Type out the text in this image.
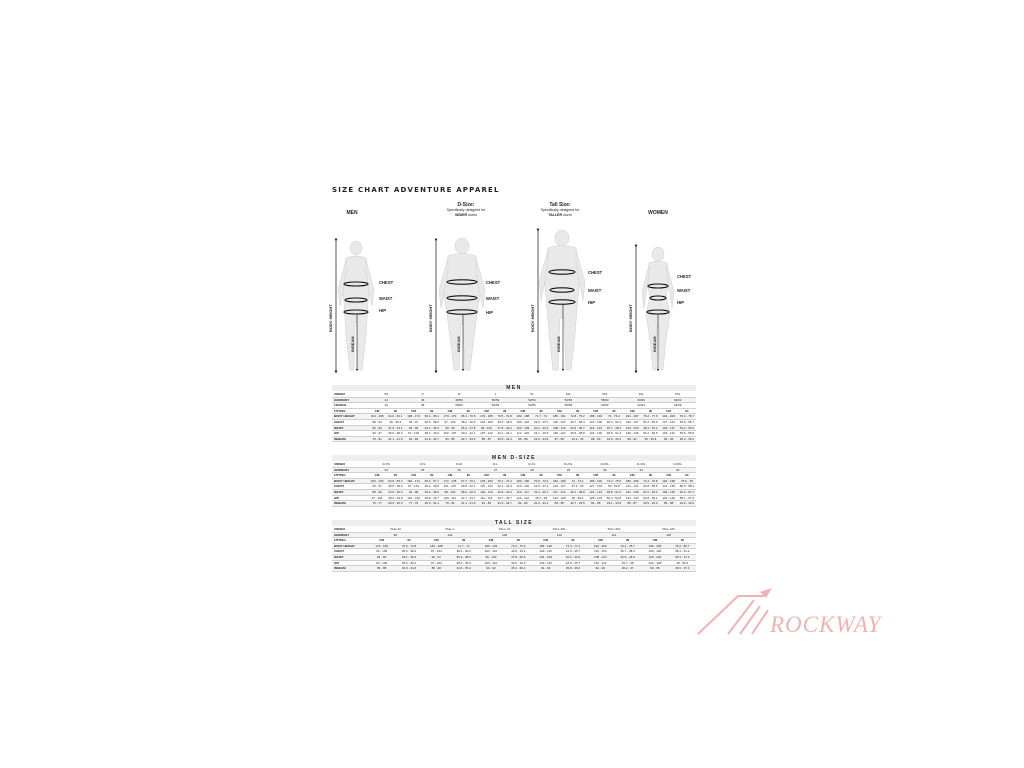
SIZE CHART ADVENTURE APPAREL
MEN
D-Size:
Specifically designed for
WIDER users
Tall Size:
Specifically designed for
TALLER users	WOMEN
CHEST
WAIST
HIP
BODY HEIGHT
INSEAM
CHEST
WAIST
HIP
BODY HEIGHT
INSEAM
CHEST
WAIST
HIP
BODY HEIGHT
INSEAM
CHEST
WAIST
HIP
BODY HEIGHT
INSEAM
MEN
UNISEX	XS		S		M		L		XL		2XL		3XL		4XL		5XL	
GERMANY	44		46		48/50		50/52		52/54		54/56		58/60		60/62		62/64	
FRANCE	46		48		50/52		52/54		54/56		56/58		60/62		62/64		64/66	
FITTING	CM	IN	CM	IN	CM	IN	CM	IN	CM	IN	CM	IN	CM	IN	CM	IN	CM	IN
BODY HEIGHT	164 - 168	64.6 - 66.1	168 - 173	66.1 - 68.1	173 - 179	68.1 - 70.5	179 - 185	70.5 - 72.8	182 - 188	71.7 - 74	185 - 191	72.8 - 75.2	188 - 194	74 - 76.4	191 - 197	75.2 - 77.6	194 - 200	76.4 - 78.7
CHEST	89 - 93	35 - 36.6	93 - 97	36.6 - 38.2	97 - 103	38.2 - 40.6	103 - 109	40.6 - 42.9	109 - 116	42.9 - 45.7	116 - 123	45.7 - 48.4	123 - 130	48.4 - 51.2	130 - 137	51.2 - 53.9	137 - 144	53.9 - 56.7
WAIST	80 - 84	31.5 - 33.1	84 - 90	33.1 - 35.4	90 - 96	35.4 - 37.8	96 - 102	37.8 - 40.2	102 - 109	40.2 - 42.9	109 - 116	42.9 - 45.7	116 - 123	45.7 - 48.4	123 - 130	48.4 - 51.2	130 - 137	51.2 - 53.9
HIP	93 - 97	36.6 - 38.2	97 - 102	38.2 - 40.2	102 - 107	40.2 - 42.1	107 - 112	42.1 - 44.1	112 - 118	44.1 - 46.5	118 - 124	46.5 - 48.8	124 - 130	48.8 - 51.2	130 - 136	51.2 - 53.5	136 - 142	53.5 - 55.9
INSEAM	79 - 81	31.1 - 31.9	81 - 83	31.9 - 32.7	83 - 85	32.7 - 33.5	85 - 87	33.5 - 34.3	86 - 88	33.9 - 34.6	87 - 89	34.3 - 35	88 - 90	34.6 - 35.4	89 - 91	35 - 35.8	90 - 92	35.4 - 36.2
MEN D-SIZE
UNISEX	D-XS		D-S		D-M		D-L		D-XL		D-2XL		D-3XL		D-4XL		D-5XL	
GERMANY	24		25		26		27		28		29		30		31		32	
FITTING	CM	IN	CM	IN	CM	IN	CM	IN	CM	IN	CM	IN	CM	IN	CM	IN	CM	IN
BODY HEIGHT	162 - 166	63.8 - 65.4	166 - 172	65.4 - 67.7	172 - 178	67.7 - 70.1	178 - 184	70.1 - 72.4	180 - 186	70.9 - 73.2	183 - 189	72 - 74.4	186 - 192	73.2 - 75.6	189 - 195	74.4 - 76.8	192 - 198	75.6 - 78
CHEST	93 - 97	36.6 - 38.2	97 - 101	38.2 - 39.8	101 - 107	39.8 - 42.1	107 - 113	42.1 - 44.5	113 - 120	44.5 - 47.2	120 - 127	47.2 - 50	127 - 134	50 - 52.8	134 - 141	52.8 - 55.5	141 - 148	55.5 - 58.3
WAIST	88 - 92	34.6 - 36.2	92 - 98	36.2 - 38.6	98 - 104	38.6 - 40.9	104 - 110	40.9 - 43.3	110 - 117	43.3 - 46.1	117 - 124	46.1 - 48.8	124 - 131	48.8 - 51.6	131 - 138	51.6 - 54.3	138 - 145	54.3 - 57.1
HIP	97 - 101	38.2 - 39.8	101 - 106	39.8 - 41.7	106 - 111	41.7 - 43.7	111 - 116	43.7 - 45.7	116 - 122	45.7 - 48	122 - 128	48 - 50.4	128 - 134	50.4 - 52.8	134 - 140	52.8 - 55.1	140 - 146	55.1 - 57.5
INSEAM	75 - 77	29.5 - 30.3	77 - 79	30.3 - 31.1	79 - 81	31.1 - 31.9	81 - 83	31.9 - 32.7	82 - 84	32.3 - 33.1	83 - 85	32.7 - 33.5	84 - 86	33.1 - 33.9	85 - 87	33.5 - 34.3	86 - 88	33.9 - 34.6
TALL SIZE
UNISEX	TALL-M		TALL-L		TALL-XL		TALL-2XL		TALL-3XL		TALL-4XL	
GERMANY	98		102		106		110		114		118	
FITTING	CM	IN	CM	IN	CM	IN	CM	IN	CM	IN	CM	IN
BODY HEIGHT	179 - 185	70.5 - 72.8	182 - 188	71.7 - 74	186 - 192	73.2 - 75.6	189 - 196	74.4 - 77.2	194 - 200	76.4 - 78.7	199 - 205	78.3 - 80.7
CHEST	93 - 100	36.6 - 39.4	97 - 104	38.2 - 40.9	103 - 110	40.6 - 43.3	109 - 116	42.9 - 45.7	116 - 123	45.7 - 48.4	123 - 130	48.4 - 51.2
WAIST	84 - 90	33.1 - 35.4	90 - 97	35.4 - 38.2	96 - 103	37.8 - 40.6	102 - 109	40.2 - 42.9	108 - 114	42.5 - 44.9	115 - 120	45.3 - 47.2
HIP	93 - 100	36.6 - 39.4	97 - 104	38.2 - 40.9	103 - 110	40.6 - 43.3	109 - 116	42.9 - 45.7	116 - 122	45.7 - 48	122 - 128	48 - 50.4
INSEAM	86 - 88	33.9 - 34.6	88 - 90	34.6 - 35.4	90 - 92	35.4 - 36.2	91 - 93	35.8 - 36.6	92 - 94	36.2 - 37	93 - 95	36.6 - 37.4
ROCKWAY
